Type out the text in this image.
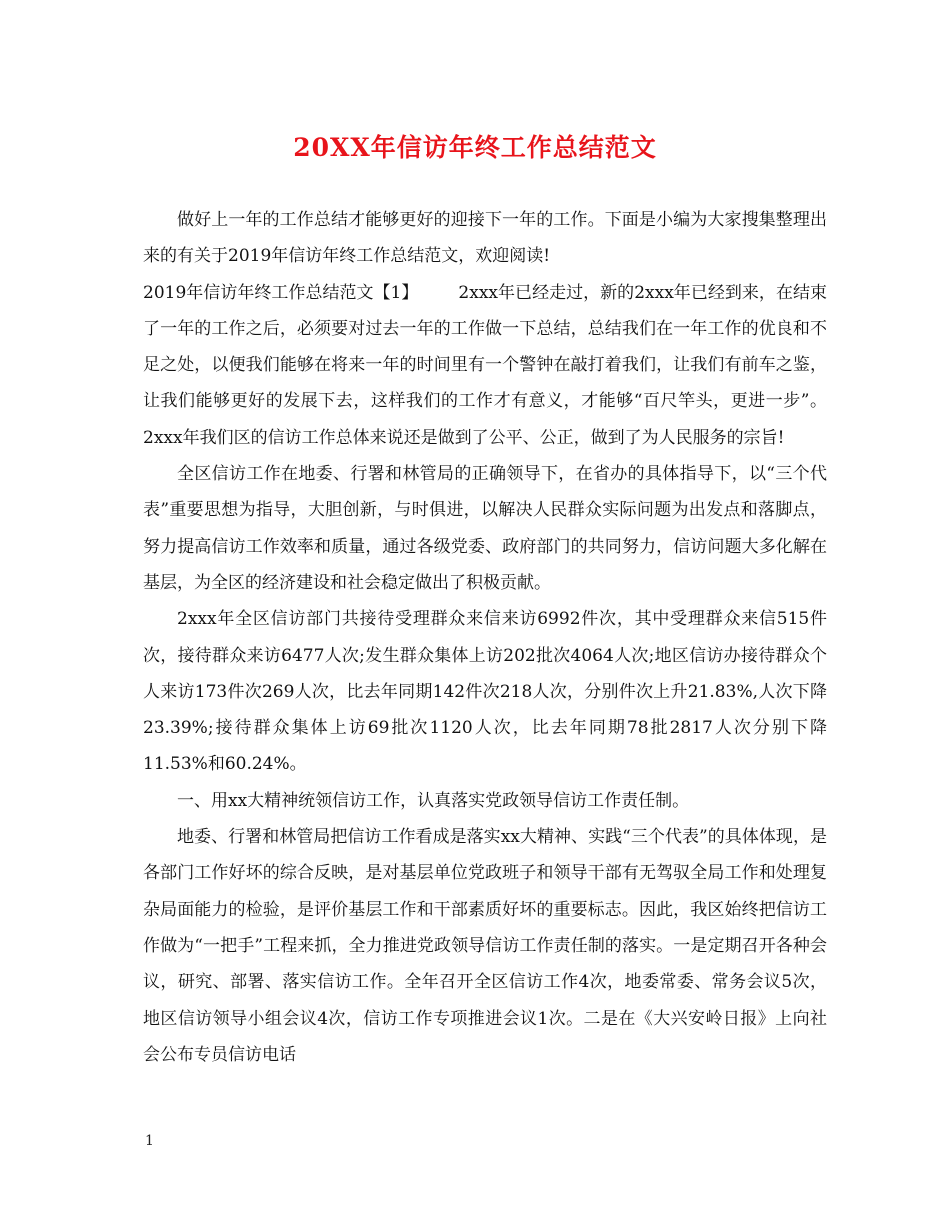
20XX年信访年终工作总结范文

做好上一年的工作总结才能够更好的迎接下一年的工作。下面是小编为大家搜集整理出来的有关于2019年信访年终工作总结范文，欢迎阅读!

2019年信访年终工作总结范文【1】 2xxx年已经走过，新的2xxx年已经到来，在结束了一年的工作之后，必须要对过去一年的工作做一下总结，总结我们在一年工作的优良和不足之处，以便我们能够在将来一年的时间里有一个警钟在敲打着我们，让我们有前车之鉴，让我们能够更好的发展下去，这样我们的工作才有意义，才能够“百尺竿头，更进一步”。2xxx年我们区的信访工作总体来说还是做到了公平、公正，做到了为人民服务的宗旨!

全区信访工作在地委、行署和林管局的正确领导下，在省办的具体指导下，以“三个代表”重要思想为指导，大胆创新，与时俱进，以解决人民群众实际问题为出发点和落脚点，努力提高信访工作效率和质量，通过各级党委、政府部门的共同努力，信访问题大多化解在基层，为全区的经济建设和社会稳定做出了积极贡献。

2xxx年全区信访部门共接待受理群众来信来访6992件次，其中受理群众来信515件次，接待群众来访6477人次;发生群众集体上访202批次4064人次;地区信访办接待群众个人来访173件次269人次，比去年同期142件次218人次，分别件次上升21.83%,人次下降23.39%;接待群众集体上访69批次1120人次，比去年同期78批2817人次分别下降11.53%和60.24%。

一、用xx大精神统领信访工作，认真落实党政领导信访工作责任制。

地委、行署和林管局把信访工作看成是落实xx大精神、实践“三个代表”的具体体现，是各部门工作好坏的综合反映，是对基层单位党政班子和领导干部有无驾驭全局工作和处理复杂局面能力的检验，是评价基层工作和干部素质好坏的重要标志。因此，我区始终把信访工作做为“一把手”工程来抓，全力推进党政领导信访工作责任制的落实。一是定期召开各种会议，研究、部署、落实信访工作。全年召开全区信访工作4次，地委常委、常务会议5次，地区信访领导小组会议4次，信访工作专项推进会议1次。二是在《大兴安岭日报》上向社会公布专员信访电话

1
